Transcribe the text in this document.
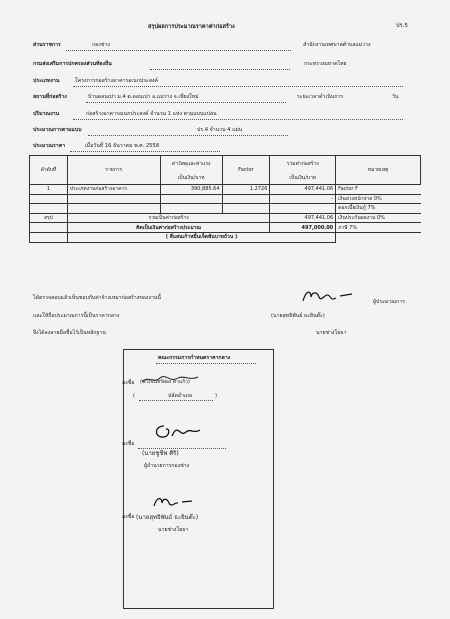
สรุปผลการประมาณราคาค่าก่อสร้าง	ปร.5
ส่วนราชการ	กองช่าง	สำนักงานเทศบาลตำบลแม่วาง
กรมส่งเสริมการปกครองส่วนท้องถิ่น	กระทรวงมหาดไทย
ประเภทงาน	โครงการก่อสร้างอาคารอเนกประสงค์
สถานที่ก่อสร้าง	บ้านดอนเปา ม.4 ต.ดอนเปา อ.แม่วาง จ.เชียงใหม่	ระยะเวลาดำเนินการ	วัน
ปริมาณงาน	ก่อสร้างอาคารอเนกประสงค์ จำนวน 1 แห่ง ตามแบบแปลน
ประมาณการตามแบบ	ปร.4 จำนวน 4 แผ่น
ประมาณราคา	เมื่อวันที่ 16 ธันวาคม พ.ศ. 2558
ลำดับที่	รายการ	ค่าวัสดุและค่าแรง	Factor	รวมค่าก่อสร้าง	หมายเหตุ
		เป็นเงิน/บาท		เป็นเงิน/บาท	
1	ประเภทงานก่อสร้างอาคาร	390,885.64	1.2726	497,441.06	Factor F
				-	เงินล่วงหน้าจ่าย 0%
					ดอกเบี้ยเงินกู้ 7%
สรุป	รวมเป็นค่าก่อสร้าง			497,441.06	เงินประกันผลงาน 0%
	คิดเป็นเงินค่าก่อสร้างประมาณ			497,000.00	ภาษี 7%
	( สี่แสนเก้าหมื่นเจ็ดพันบาทถ้วน )				
ได้ตรวจสอบแล้วเห็นชอบกับค่าจ้างเหมาก่อสร้างของงานนี้
และให้ถือประมาณการนี้เป็นราคากลาง
จึงได้ลงลายมือชื่อไว้เป็นหลักฐาน
ผู้ประมาณการ
(นายสุทธิพันธ์ ธะยินต๊ะ)
นายช่างโยธา
คณะกรรมการกำหนดราคากลาง
ลงชื่อ (นางจันทร์ผ่อง ตาแก้ว)
(	ปลัดอำเภอ	)
ลงชื่อ
(นายชูชีพ ศิริ)
ผู้อำนวยการกองช่าง
ลงชื่อ (นายสุทธิพันธ์ ธะยินต๊ะ)
นายช่างโยธา
